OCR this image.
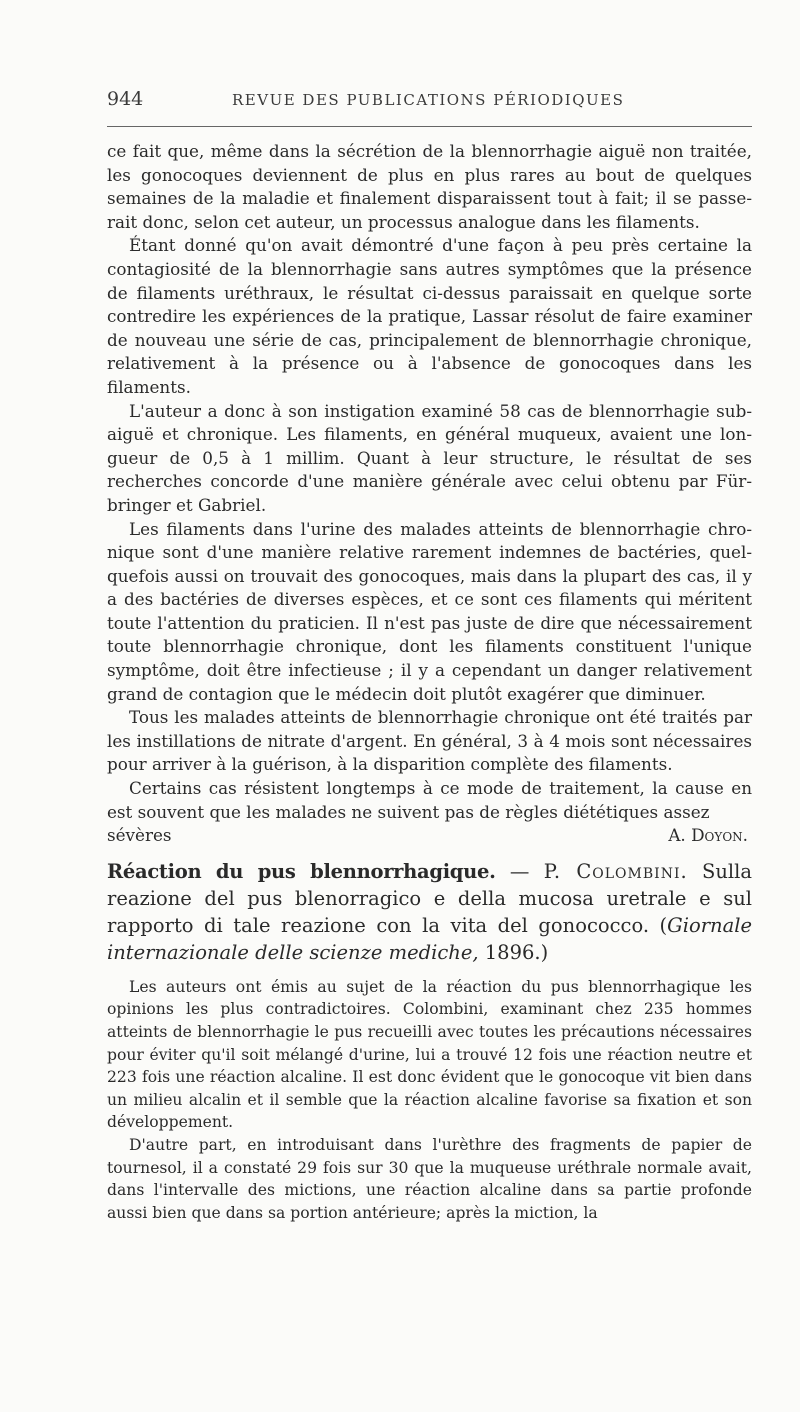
944	REVUE DES PUBLICATIONS PÉRIODIQUES

ce fait que, même dans la sécrétion de la blennorrhagie aiguë non traitée, les gonocoques deviennent de plus en plus rares au bout de quelques semaines de la maladie et finalement disparaissent tout à fait; il se passerait donc, selon cet auteur, un processus analogue dans les filaments.

Étant donné qu'on avait démontré d'une façon à peu près certaine la contagiosité de la blennorrhagie sans autres symptômes que la présence de filaments uréthraux, le résultat ci-dessus paraissait en quelque sorte contredire les expériences de la pratique, Lassar résolut de faire examiner de nouveau une série de cas, principalement de blennorrhagie chronique, relativement à la présence ou à l'absence de gonocoques dans les filaments.

L'auteur a donc à son instigation examiné 58 cas de blennorrhagie subaiguë et chronique. Les filaments, en général muqueux, avaient une longueur de 0,5 à 1 millim. Quant à leur structure, le résultat de ses recherches concorde d'une manière générale avec celui obtenu par Fürbringer et Gabriel.

Les filaments dans l'urine des malades atteints de blennorrhagie chronique sont d'une manière relative rarement indemnes de bactéries, quelquefois aussi on trouvait des gonocoques, mais dans la plupart des cas, il y a des bactéries de diverses espèces, et ce sont ces filaments qui méritent toute l'attention du praticien. Il n'est pas juste de dire que nécessairement toute blennorrhagie chronique, dont les filaments constituent l'unique symptôme, doit être infectieuse ; il y a cependant un danger relativement grand de contagion que le médecin doit plutôt exagérer que diminuer.

Tous les malades atteints de blennorrhagie chronique ont été traités par les instillations de nitrate d'argent. En général, 3 à 4 mois sont nécessaires pour arriver à la guérison, à la disparition complète des filaments.

Certains cas résistent longtemps à ce mode de traitement, la cause en est souvent que les malades ne suivent pas de règles diététiques assez

sévères	A. Doyon.
Réaction du pus blennorrhagique. — P. Colombini. Sulla reazione del pus blenorragico e della mucosa uretrale e sul rapporto di tale reazione con la vita del gonococco. (Giornale internazionale delle scienze mediche, 1896.)

Les auteurs ont émis au sujet de la réaction du pus blennorrhagique les opinions les plus contradictoires. Colombini, examinant chez 235 hommes atteints de blennorrhagie le pus recueilli avec toutes les précautions nécessaires pour éviter qu'il soit mélangé d'urine, lui a trouvé 12 fois une réaction neutre et 223 fois une réaction alcaline. Il est donc évident que le gonocoque vit bien dans un milieu alcalin et il semble que la réaction alcaline favorise sa fixation et son développement.

D'autre part, en introduisant dans l'urèthre des fragments de papier de tournesol, il a constaté 29 fois sur 30 que la muqueuse uréthrale normale avait, dans l'intervalle des mictions, une réaction alcaline dans sa partie profonde aussi bien que dans sa portion antérieure; après la miction, la
